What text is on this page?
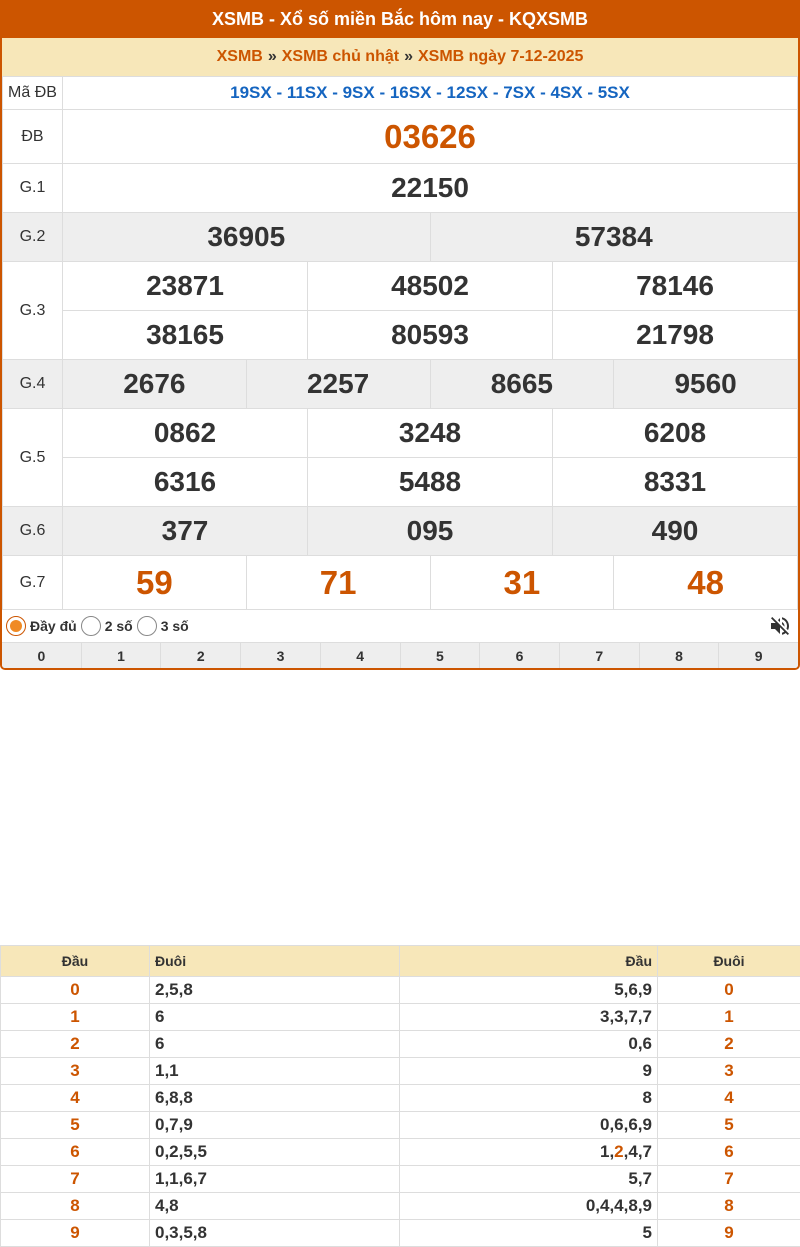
XSMB - Xổ số miền Bắc hôm nay - KQXSMB
XSMB » XSMB chủ nhật » XSMB ngày 7-12-2025
Mã ĐB	19SX - 11SX - 9SX - 16SX - 12SX - 7SX - 4SX - 5SX					
ĐB	03626					
G.1	22150					
G.2	36905			57384		
G.3	23871		48502		78146	
	38165		80593		21798	
G.4	2676	2257		8665		9560
G.5	0862		3248		6208	
	6316		5488		8331	
G.6	377		095		490	
G.7	59	71		31		48
Đầy đủ 2 số 3 số
0	1	2	3	4	5	6	7	8	9
Đầu	Đuôi	Đầu	Đuôi
0	2,5,8	5,6,9	0
1	6	3,3,7,7	1
2	6	0,6	2
3	1,1	9	3
4	6,8,8	8	4
5	0,7,9	0,6,6,9	5
6	0,2,5,5	1,2,4,7	6
7	1,1,6,7	5,7	7
8	4,8	0,4,4,8,9	8
9	0,3,5,8	5	9
